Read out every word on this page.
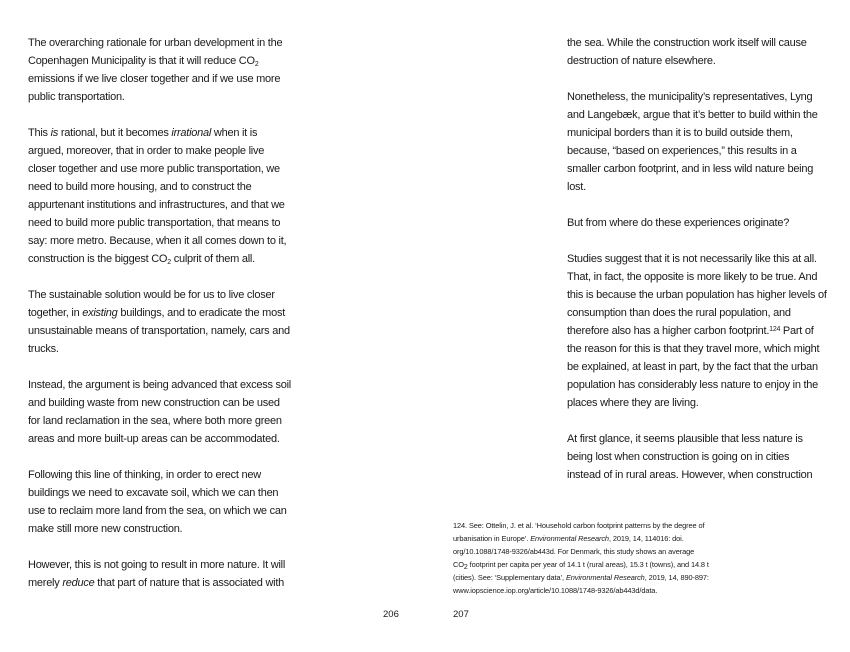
The overarching rationale for urban development in the
Copenhagen Municipality is that it will reduce $CO_2$
emissions if we live closer together and if we use more
public transportation.

This is rational, but it becomes irrational when it is
argued, moreover, that in order to make people live
closer together and use more public transportation, we
need to build more housing, and to construct the
appurtenant institutions and infrastructures, and that we
need to build more public transportation, that means to
say: more metro. Because, when it all comes down to it,
construction is the biggest $CO_2$ culprit of them all.

The sustainable solution would be for us to live closer
together, in existing buildings, and to eradicate the most
unsustainable means of transportation, namely, cars and
trucks.

Instead, the argument is being advanced that excess soil
and building waste from new construction can be used
for land reclamation in the sea, where both more green
areas and more built-up areas can be accommodated.

Following this line of thinking, in order to erect new
buildings we need to excavate soil, which we can then
use to reclaim more land from the sea, on which we can
make still more new construction.

However, this is not going to result in more nature. It will
merely reduce that part of nature that is associated with

the sea. While the construction work itself will cause
destruction of nature elsewhere.

Nonetheless, the municipality’s representatives, Lyng
and Langebæk, argue that it’s better to build within the
municipal borders than it is to build outside them,
because, “based on experiences,” this results in a
smaller carbon footprint, and in less wild nature being
lost.

But from where do these experiences originate?

Studies suggest that it is not necessarily like this at all.
That, in fact, the opposite is more likely to be true. And
this is because the urban population has higher levels of
consumption than does the rural population, and
therefore also has a higher carbon footprint.$^{124}$ Part of
the reason for this is that they travel more, which might
be explained, at least in part, by the fact that the urban
population has considerably less nature to enjoy in the
places where they are living.

At first glance, it seems plausible that less nature is
being lost when construction is going on in cities
instead of in rural areas. However, when construction

124. See: Ottelin, J. et al. ‘Household carbon footprint patterns by the degree of
urbanisation in Europe’. Environmental Research, 2019, 14, 114016: doi.
org/10.1088/1748-9326/ab443d. For Denmark, this study shows an average
$CO_2$ footprint per capita per year of 14.1 t (rural areas), 15.3 t (towns), and 14.8 t
(cities). See: ‘Supplementary data’, Environmental Research, 2019, 14, 890-897:
www.iopscience.iop.org/article/10.1088/1748-9326/ab443d/data.
206	207
